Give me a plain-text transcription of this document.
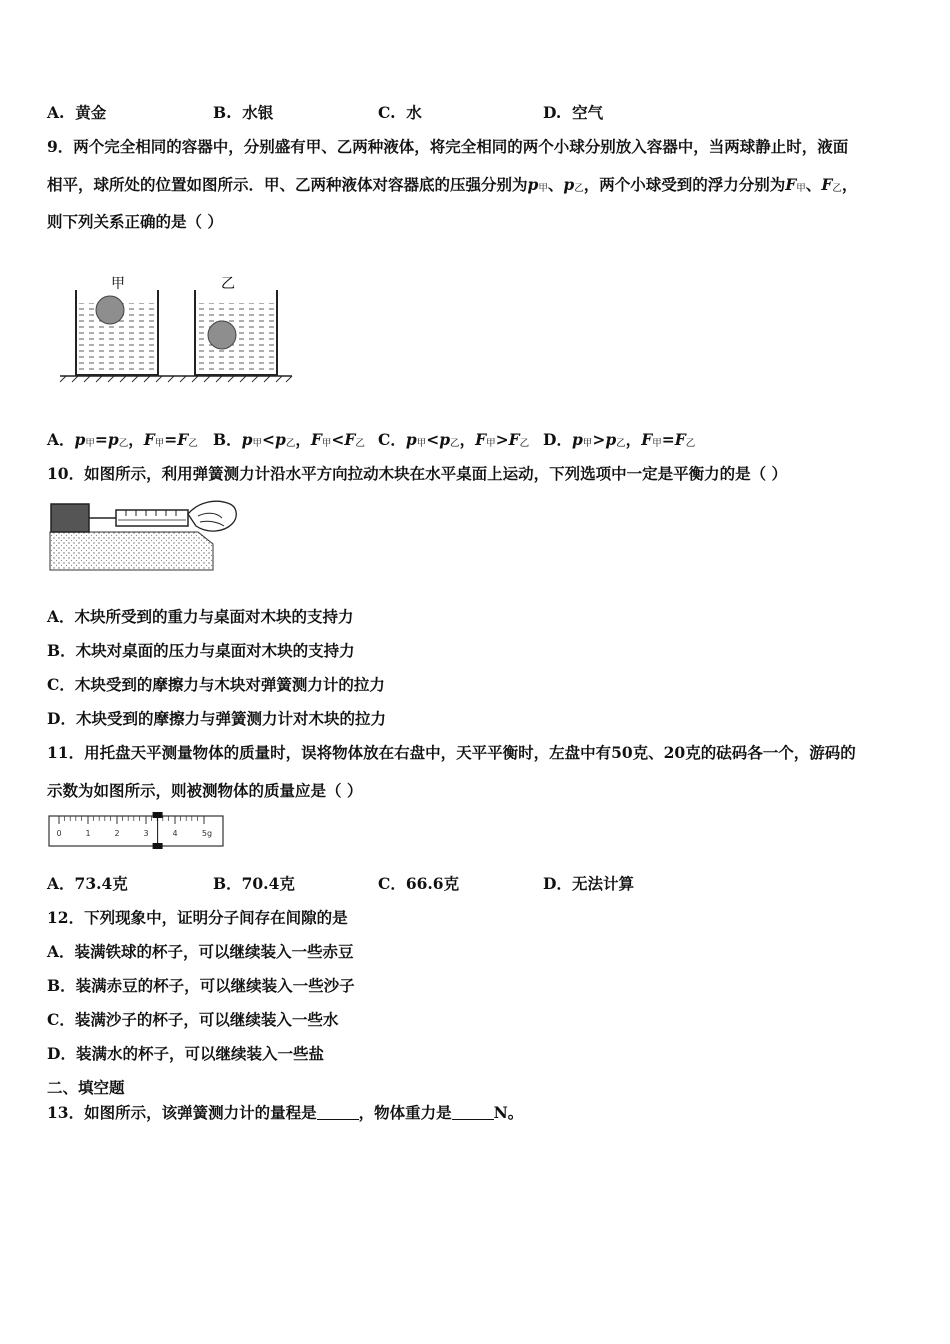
A. 黄金	B. 水银	C. 水	D. 空气
9．两个完全相同的容器中，分别盛有甲、乙两种液体，将完全相同的两个小球分别放入容器中，当两球静止时，液面
相平，球所处的位置如图所示．甲、乙两种液体对容器底的压强分别为p甲、p乙，两个小球受到的浮力分别为F甲、F乙，
则下列关系正确的是（ ）
甲	乙
A．p甲=p乙，F甲=F乙 B．p甲<p乙，F甲<F乙 C．p甲<p乙，F甲>F乙 D．p甲>p乙，F甲=F乙
10．如图所示，利用弹簧测力计沿水平方向拉动木块在水平桌面上运动，下列选项中一定是平衡力的是（ ）
A．木块所受到的重力与桌面对木块的支持力
B．木块对桌面的压力与桌面对木块的支持力
C．木块受到的摩擦力与木块对弹簧测力计的拉力
D．木块受到的摩擦力与弹簧测力计对木块的拉力
11．用托盘天平测量物体的质量时，误将物体放在右盘中，天平平衡时，左盘中有50克、20克的砝码各一个，游码的
示数为如图所示，则被测物体的质量应是（ ）
0	1	2	3	4	5g
A．73.4克	B．70.4克	C．66.6克	D．无法计算
12．下列现象中，证明分子间存在间隙的是
A．装满铁球的杯子，可以继续装入一些赤豆
B．装满赤豆的杯子，可以继续装入一些沙子
C．装满沙子的杯子，可以继续装入一些水
D．装满水的杯子，可以继续装入一些盐
二、填空题
13．如图所示，该弹簧测力计的量程是	，物体重力是	N。
